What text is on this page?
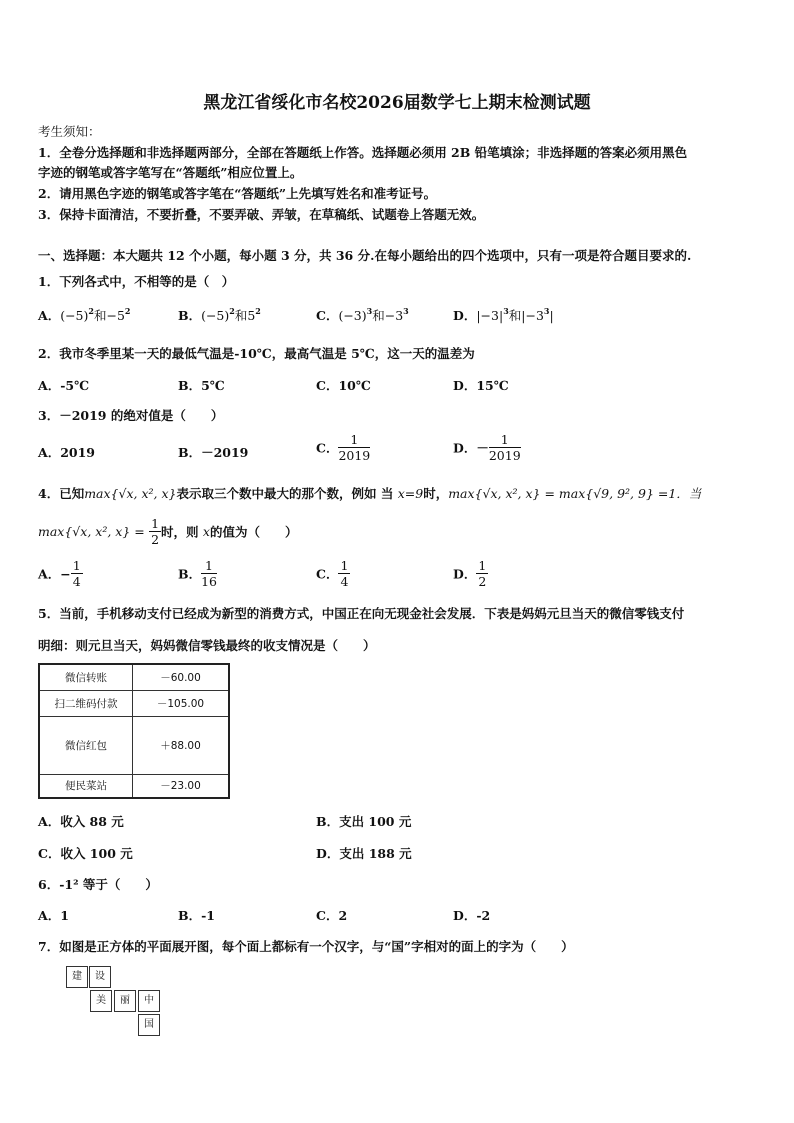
黑龙江省绥化市名校2026届数学七上期末检测试题
考生须知：
1．全卷分选择题和非选择题两部分，全部在答题纸上作答。选择题必须用 2B 铅笔填涂；非选择题的答案必须用黑色
字迹的钢笔或答字笔写在“答题纸”相应位置上。
2．请用黑色字迹的钢笔或答字笔在“答题纸”上先填写姓名和准考证号。
3．保持卡面清洁，不要折叠，不要弄破、弄皱，在草稿纸、试题卷上答题无效。
一、选择题：本大题共 12 个小题，每小题 3 分，共 36 分.在每小题给出的四个选项中，只有一项是符合题目要求的.
1．下列各式中，不相等的是（　）
A．$(-5)^2$和$-5^2$	B．$(-5)^2$和$5^2$	C．$(-3)^3$和$-3^3$	D．$|-3|^3$和$|-3^3|$
2．我市冬季里某一天的最低气温是-10℃，最高气温是 5℃，这一天的温差为
A．-5℃	B．5℃	C．10℃	D．15℃
3．－2019 的绝对值是（　　）
A．2019	B．－2019	C． $\frac{1}{2019}$	D．－ $\frac{1}{2019}$
4．已知max{√x, x², x}表示取三个数中最大的那个数，例如 当 x=9时，max{√x, x², x} = max{√9, 9², 9} =1．当
max{√x, x², $x\} = \frac{1}{2}$ 时，则 x的值为（　　）
A．− $\frac{1}{4}$	B． $\frac{1}{16}$	C． $\frac{1}{4}$	D． $\frac{1}{2}$
5．当前，手机移动支付已经成为新型的消费方式，中国正在向无现金社会发展．下表是妈妈元旦当天的微信零钱支付
明细：则元旦当天，妈妈微信零钱最终的收支情况是（　　）
微信转账	－60.00
扫二维码付款	－105.00
微信红包	＋88.00
便民菜站	－23.00
A．收入 88 元	B．支出 100 元
C．收入 100 元	D．支出 188 元
6．-1² 等于（　　）
A．1	B．-1	C．2	D．-2
7．如图是正方体的平面展开图，每个面上都标有一个汉字，与“国”字相对的面上的字为（　　）
建	设
美	丽	中
国
